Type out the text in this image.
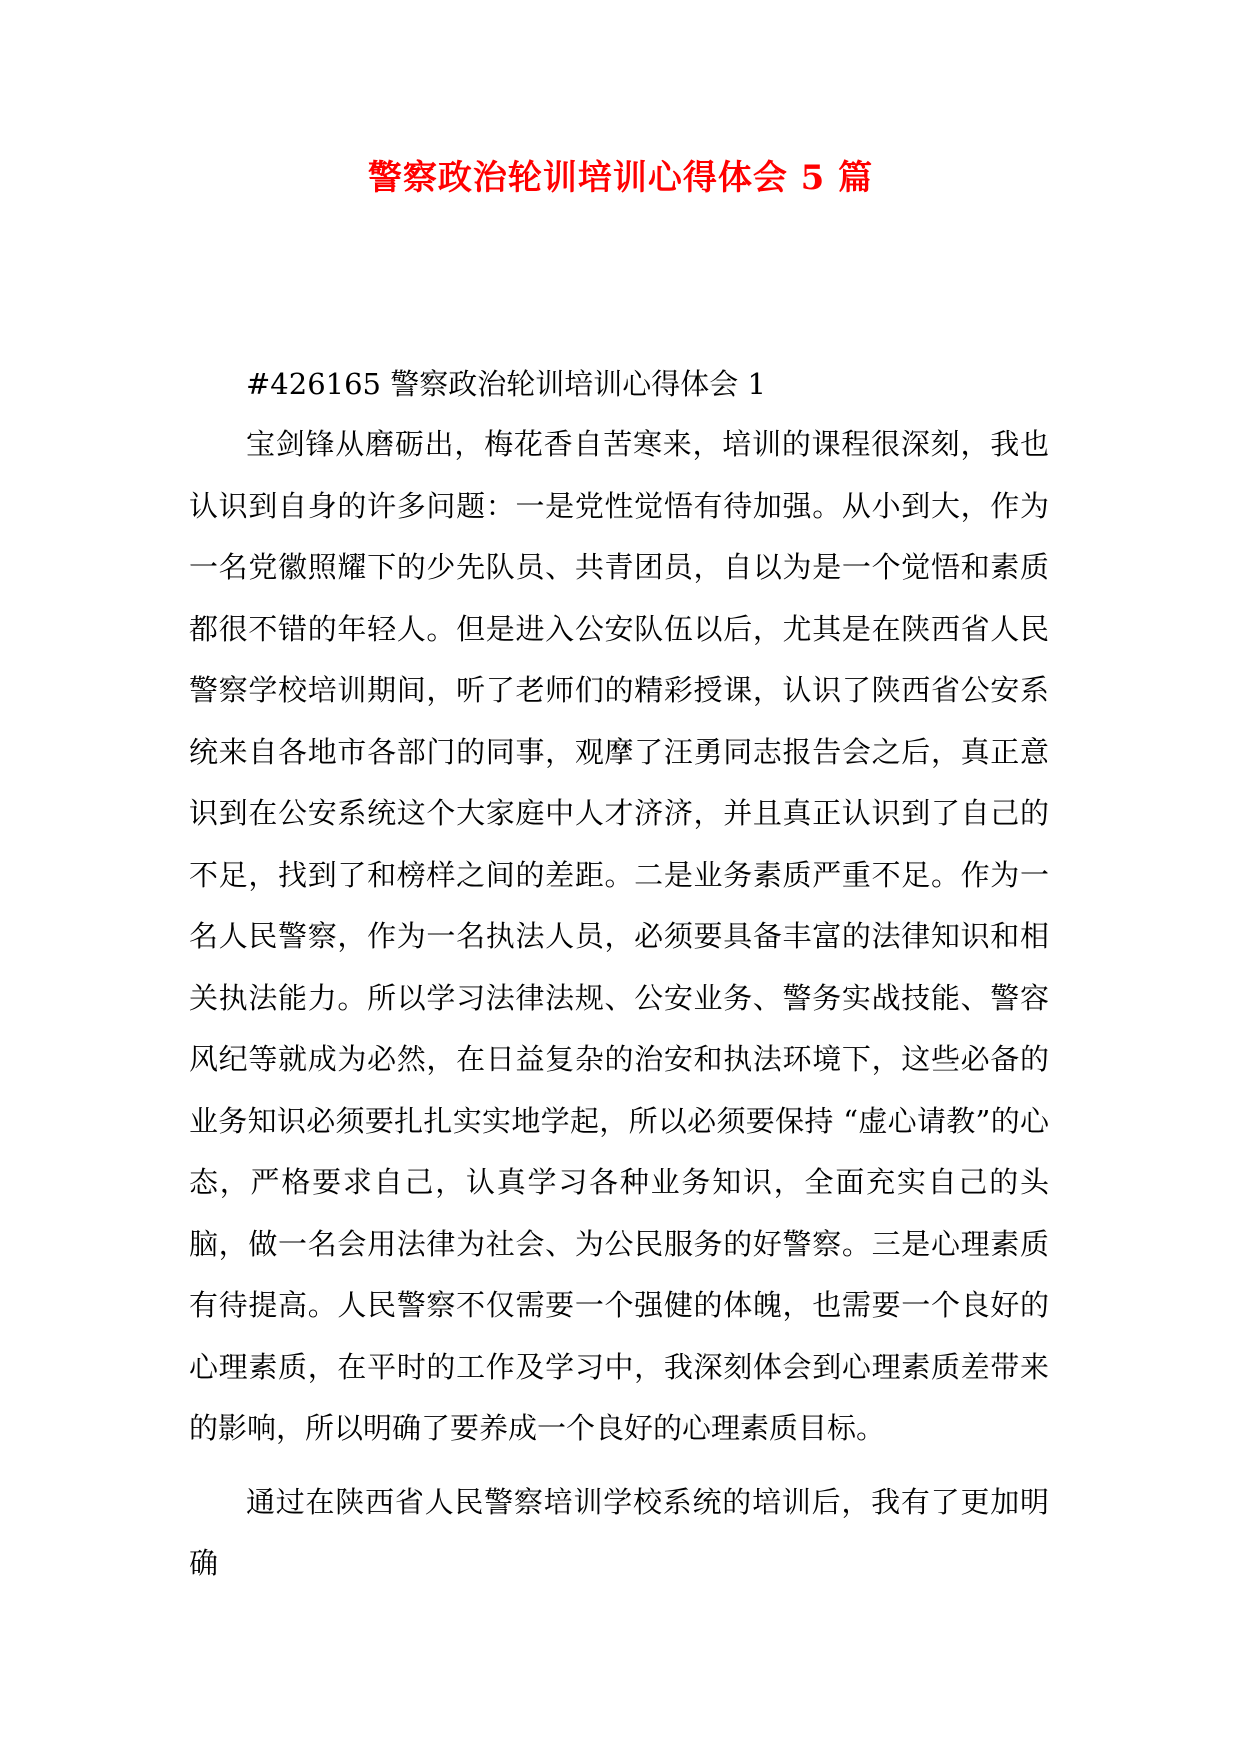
警察政治轮训培训心得体会 5 篇
#426165 警察政治轮训培训心得体会 1

宝剑锋从磨砺出，梅花香自苦寒来，培训的课程很深刻，我也认识到自身的许多问题：一是党性觉悟有待加强。从小到大，作为一名党徽照耀下的少先队员、共青团员，自以为是一个觉悟和素质都很不错的年轻人。但是进入公安队伍以后，尤其是在陕西省人民警察学校培训期间，听了老师们的精彩授课，认识了陕西省公安系统来自各地市各部门的同事，观摩了汪勇同志报告会之后，真正意识到在公安系统这个大家庭中人才济济，并且真正认识到了自己的不足，找到了和榜样之间的差距。二是业务素质严重不足。作为一名人民警察，作为一名执法人员，必须要具备丰富的法律知识和相关执法能力。所以学习法律法规、公安业务、警务实战技能、警容风纪等就成为必然，在日益复杂的治安和执法环境下，这些必备的业务知识必须要扎扎实实地学起，所以必须要保持 “虚心请教”的心态，严格要求自己，认真学习各种业务知识，全面充实自己的头脑，做一名会用法律为社会、为公民服务的好警察。三是心理素质有待提高。人民警察不仅需要一个强健的体魄，也需要一个良好的心理素质，在平时的工作及学习中，我深刻体会到心理素质差带来的影响，所以明确了要养成一个良好的心理素质目标。

通过在陕西省人民警察培训学校系统的培训后，我有了更加明确
